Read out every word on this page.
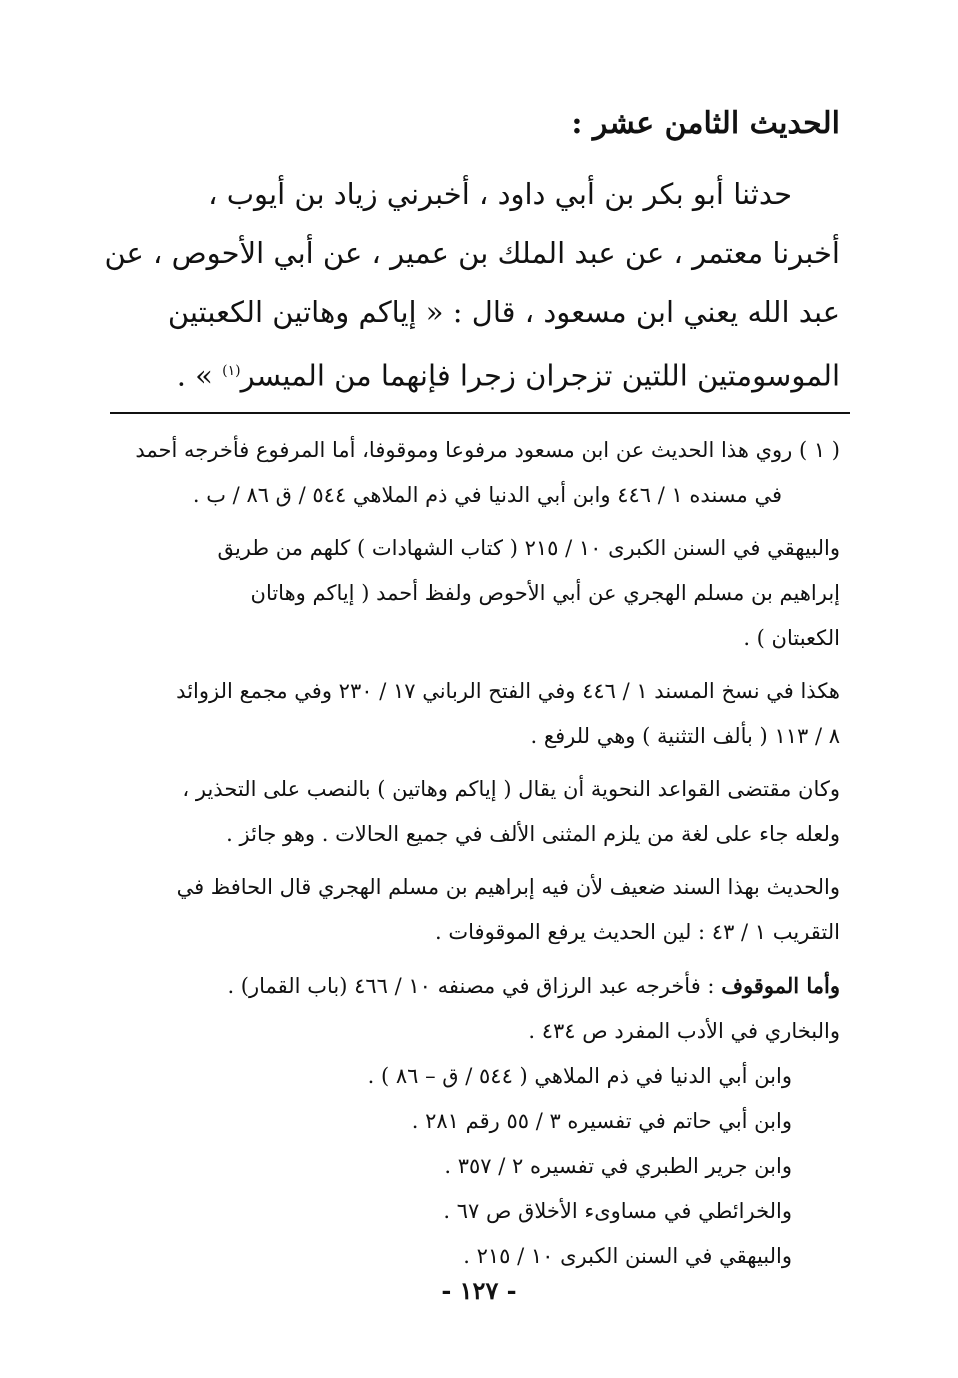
الحديث الثامن عشر :
حدثنا أبو بكر بن أبي داود ، أخبرني زياد بن أيوب ،
أخبرنا معتمر ، عن عبد الملك بن عمير ، عن أبي الأحوص ، عن
عبد الله يعني ابن مسعود ، قال : « إياكم وهاتين الكعبتين
الموسومتين اللتين تزجران زجرا فإنهما من الميسر$^{(١)}$ » .
( ١ ) روي هذا الحديث عن ابن مسعود مرفوعا وموقوفا، أما المرفوع فأخرجه أحمد
في مسنده ١ / ٤٤٦ وابن أبي الدنيا في ذم الملاهي ٥٤٤ / ق ٨٦ / ب .
والبيهقي في السنن الكبرى ١٠ / ٢١٥ ( كتاب الشهادات ) كلهم من طريق
إبراهيم بن مسلم الهجري عن أبي الأحوص ولفظ أحمد ( إياكم وهاتان
الكعبتان ) .
هكذا في نسخ المسند ١ / ٤٤٦ وفي الفتح الرباني ١٧ / ٢٣٠ وفي مجمع الزوائد
٨ / ١١٣ ( بألف التثنية ) وهي للرفع .
وكان مقتضى القواعد النحوية أن يقال ( إياكم وهاتين ) بالنصب على التحذير ،
ولعله جاء على لغة من يلزم المثنى الألف في جميع الحالات . وهو جائز .
والحديث بهذا السند ضعيف لأن فيه إبراهيم بن مسلم الهجري قال الحافظ في
التقريب ١ / ٤٣ : لين الحديث يرفع الموقوفات .
وأما الموقوف : فأخرجه عبد الرزاق في مصنفه ١٠ / ٤٦٦ (باب القمار) .
والبخاري في الأدب المفرد ص ٤٣٤ .
وابن أبي الدنيا في ذم الملاهي ( ٥٤٤ / ق – ٨٦ ) .
وابن أبي حاتم في تفسيره ٣ / ٥٥ رقم ٢٨١ .
وابن جرير الطبري في تفسيره ٢ / ٣٥٧ .
والخرائطي في مساوىء الأخلاق ص ٦٧ .
والبيهقي في السنن الكبرى ١٠ / ٢١٥ .
- ١٢٧ -
